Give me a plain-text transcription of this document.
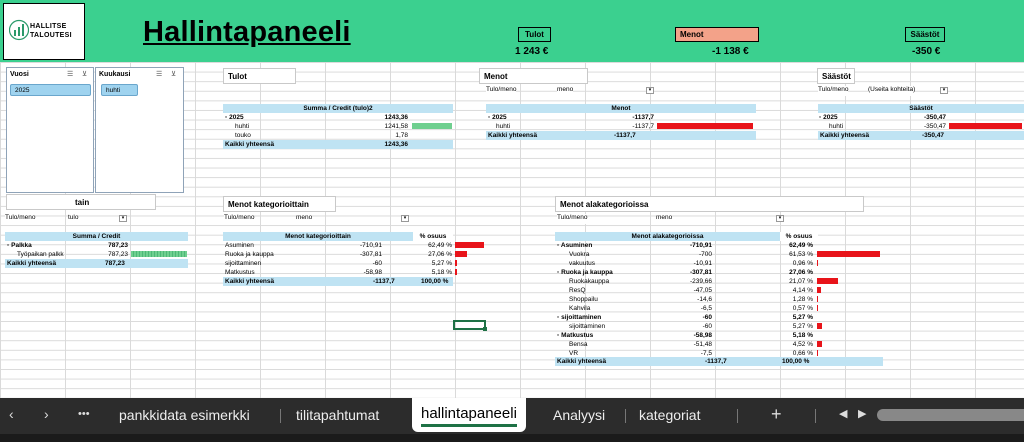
HALLITSE
TALOUTESI Hallintapaneeli	Tulot
1 243 €
Menot
-1 138 €
Säästöt
-350 €
Vuosi	☰ ⊻
2025
Kuukausi	☰ ⊻
huhti
Tulot
Summa / Credit (tulo)2
▫ 2025	1243,36
huhti	1241,58
touko	1,78
Kaikki yhteensä	1243,36
Menot
Tulo/meno	meno	▾
Menot
▫ 2025	-1137,7
huhti	-1137,7
Kaikki yhteensä	-1137,7
Säästöt
Tulo/meno	(Useita kohteita)	▾
Säästöt
▫ 2025	-350,47
huhti	-350,47
Kaikki yhteensä	-350,47
tain
Tulo/meno	tulo	▾
Summa / Credit
▫ Palkka	787,23
Työpaikan palkk	787,23
Kaikki yhteensä	787,23
Menot kategorioittain
Tulo/meno	meno	▾
Menot kategorioittain	% osuus
Asuminen	-710,91	62,49 %
Ruoka ja kauppa	-307,81	27,06 %
sijoittaminen	-60	5,27 %
Matkustus	-58,98	5,18 %
Kaikki yhteensä	-1137,7	100,00 %
Menot alakategorioissa
Tulo/meno	meno	▾
Menot alakategorioissa	% osuus
▫ Asuminen	-710,91	62,49 %
Vuokra	-700	61,53 %
vakuutus	-10,91	0,96 %
▫ Ruoka ja kauppa	-307,81	27,06 %
Ruokakauppa	-239,66	21,07 %
ResQ	-47,05	4,14 %
Shoppailu	-14,6	1,28 %
Kahvila	-6,5	0,57 %
▫ sijoittaminen	-60	5,27 %
sijoittaminen	-60	5,27 %
▫ Matkustus	-58,98	5,18 %
Bensa	-51,48	4,52 %
VR	-7,5	0,66 %
Kaikki yhteensä	-1137,7	100,00 %
‹ ›	••• pankkidata esimerkki	tilitapahtumat	hallintapaneeli	Analyysi kategoriat	+	◀ ▶
